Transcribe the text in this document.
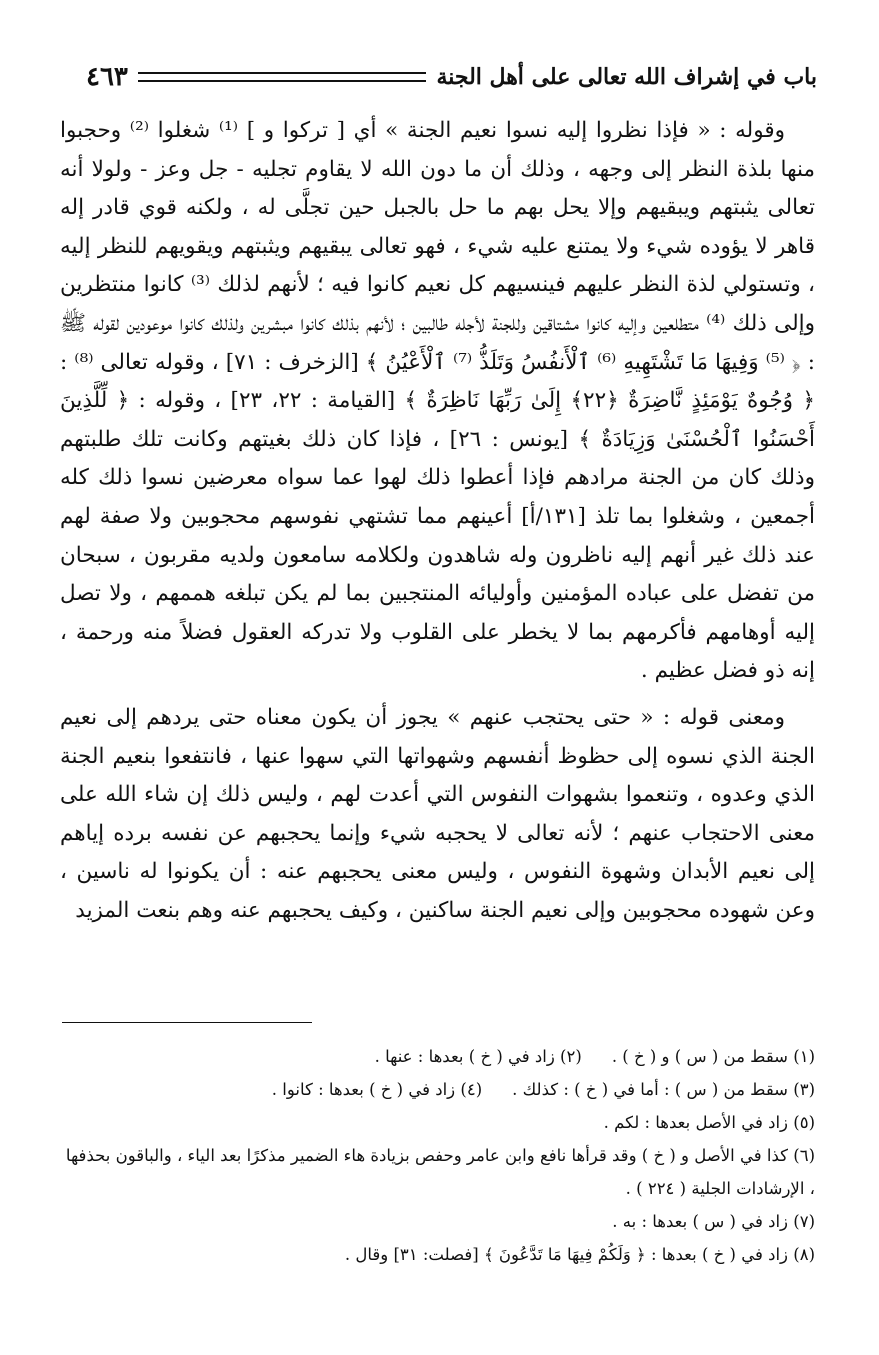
باب في إشراف الله تعالى على أهل الجنة
٤٦٣

وقوله : « فإذا نظروا إليه نسوا نعيم الجنة » أي [ تركوا و ] ⁽¹⁾ شغلوا ⁽²⁾ وحجبوا منها بلذة النظر إلى وجهه ، وذلك أن ما دون الله لا يقاوم تجليه - جل وعز - ولولا أنه تعالى يثبتهم ويبقيهم وإلا يحل بهم ما حل بالجبل حين تجلَّى له ، ولكنه قوي قادر إله قاهر لا يؤوده شيء ولا يمتنع عليه شيء ، فهو تعالى يبقيهم ويثبتهم ويقويهم للنظر إليه ، وتستولي لذة النظر عليهم فينسيهم كل نعيم كانوا فيه ؛ لأنهم لذلك ⁽³⁾ كانوا منتظرين وإلى ذلك ⁽⁴⁾ متطلعين وإليه كانوا مشتاقين وللجنة لأجله طالبين ؛ لأنهم بذلك كانوا مبشرين ولذلك كانوا موعودين لقوله ﷺ : ﴿ ⁽⁵⁾ وَفِيهَا مَا تَشْتَهِيهِ ⁽⁶⁾ ٱلْأَنفُسُ وَتَلَذُّ ⁽⁷⁾ ٱلْأَعْيُنُ ﴾ [الزخرف : ٧١] ، وقوله تعالى ⁽⁸⁾ : ﴿ وُجُوهٌ يَوْمَئِذٍ نَّاضِرَةٌ ﴿٢٢﴾ إِلَىٰ رَبِّهَا نَاظِرَةٌ ﴾ [القيامة : ٢٢، ٢٣] ، وقوله : ﴿ لِّلَّذِينَ أَحْسَنُوا ٱلْحُسْنَىٰ وَزِيَادَةٌ ﴾ [يونس : ٢٦] ، فإذا كان ذلك بغيتهم وكانت تلك طلبتهم وذلك كان من الجنة مرادهم فإذا أعطوا ذلك لهوا عما سواه معرضين نسوا ذلك كله أجمعين ، وشغلوا بما تلذ [١٣١/أ] أعينهم مما تشتهي نفوسهم محجوبين ولا صفة لهم عند ذلك غير أنهم إليه ناظرون وله شاهدون ولكلامه سامعون ولديه مقربون ، سبحان من تفضل على عباده المؤمنين وأوليائه المنتجبين بما لم يكن تبلغه هممهم ، ولا تصل إليه أوهامهم فأكرمهم بما لا يخطر على القلوب ولا تدركه العقول فضلاً منه ورحمة ، إنه ذو فضل عظيم .

ومعنى قوله : « حتى يحتجب عنهم » يجوز أن يكون معناه حتى يردهم إلى نعيم الجنة الذي نسوه إلى حظوظ أنفسهم وشهواتها التي سهوا عنها ، فانتفعوا بنعيم الجنة الذي وعدوه ، وتنعموا بشهوات النفوس التي أعدت لهم ، وليس ذلك إن شاء الله على معنى الاحتجاب عنهم ؛ لأنه تعالى لا يحجبه شيء وإنما يحجبهم عن نفسه برده إياهم إلى نعيم الأبدان وشهوة النفوس ، وليس معنى يحجبهم عنه : أن يكونوا له ناسين ، وعن شهوده محجوبين وإلى نعيم الجنة ساكنين ، وكيف يحجبهم عنه وهم بنعت المزيد

(١) سقط من ( س ) و ( خ ) .
(٢) زاد في ( خ ) بعدها : عنها .
(٣) سقط من ( س ) : أما في ( خ ) : كذلك .
(٤) زاد في ( خ ) بعدها : كانوا .
(٥) زاد في الأصل بعدها : لكم .
(٦) كذا في الأصل و ( خ ) وقد قرأها نافع وابن عامر وحفص بزيادة هاء الضمير مذكرًا بعد الياء ، والباقون بحذفها ، الإرشادات الجلية ( ٢٢٤ ) .
(٧) زاد في ( س ) بعدها : به .
(٨) زاد في ( خ ) بعدها : ﴿ وَلَكُمْ فِيهَا مَا تَدَّعُونَ ﴾ [فصلت: ٣١] وقال .
